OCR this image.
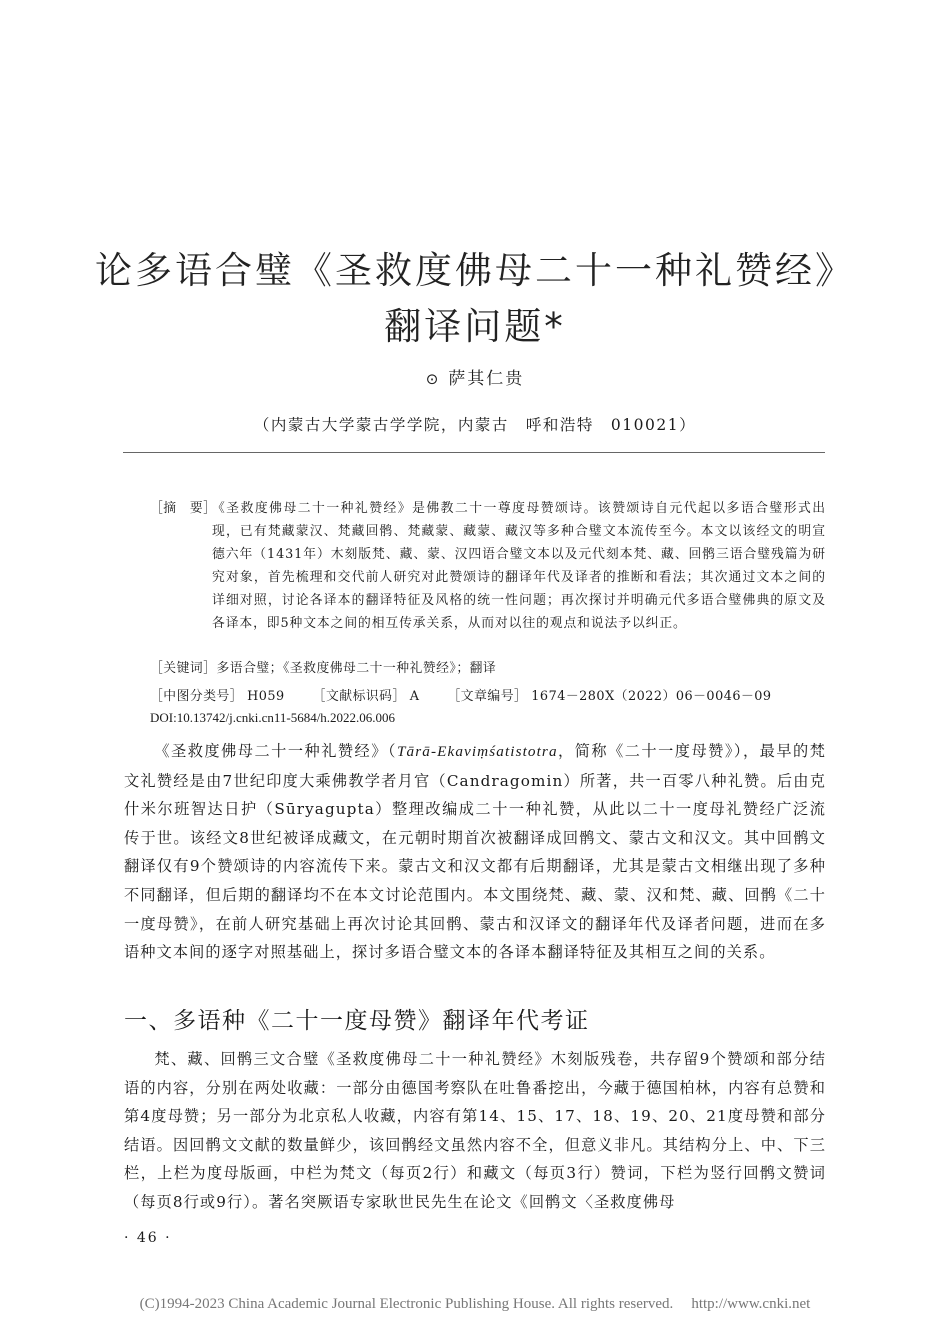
论多语合璧《圣救度佛母二十一种礼赞经》
翻译问题*
⊙ 萨其仁贵
（内蒙古大学蒙古学学院，内蒙古　呼和浩特　010021）
［摘　要］
《圣救度佛母二十一种礼赞经》是佛教二十一尊度母赞颂诗。该赞颂诗自元代起以多语合璧形式出现，已有梵藏蒙汉、梵藏回鹘、梵藏蒙、藏蒙、藏汉等多种合璧文本流传至今。本文以该经文的明宣德六年（1431年）木刻版梵、藏、蒙、汉四语合璧文本以及元代刻本梵、藏、回鹘三语合璧残篇为研究对象，首先梳理和交代前人研究对此赞颂诗的翻译年代及译者的推断和看法；其次通过文本之间的详细对照，讨论各译本的翻译特征及风格的统一性问题；再次探讨并明确元代多语合璧佛典的原文及各译本，即5种文本之间的相互传承关系，从而对以往的观点和说法予以纠正。
［关键词］多语合璧；《圣救度佛母二十一种礼赞经》；翻译
［中图分类号］ H059 ［文献标识码］ A ［文章编号］ 1674－280X（2022）06－0046－09
DOI:10.13742/j.cnki.cn11-5684/h.2022.06.006

《圣救度佛母二十一种礼赞经》（Tārā-Ekaviṃśatistotra，简称《二十一度母赞》），最早的梵文礼赞经是由7世纪印度大乘佛教学者月官（Candragomin）所著，共一百零八种礼赞。后由克什米尔班智达日护（Sūryagupta）整理改编成二十一种礼赞，从此以二十一度母礼赞经广泛流传于世。该经文8世纪被译成藏文，在元朝时期首次被翻译成回鹘文、蒙古文和汉文。其中回鹘文翻译仅有9个赞颂诗的内容流传下来。蒙古文和汉文都有后期翻译，尤其是蒙古文相继出现了多种不同翻译，但后期的翻译均不在本文讨论范围内。本文围绕梵、藏、蒙、汉和梵、藏、回鹘《二十一度母赞》，在前人研究基础上再次讨论其回鹘、蒙古和汉译文的翻译年代及译者问题，进而在多语种文本间的逐字对照基础上，探讨多语合璧文本的各译本翻译特征及其相互之间的关系。

一、多语种《二十一度母赞》翻译年代考证

梵、藏、回鹘三文合璧《圣救度佛母二十一种礼赞经》木刻版残卷，共存留9个赞颂和部分结语的内容，分别在两处收藏：一部分由德国考察队在吐鲁番挖出，今藏于德国柏林，内容有总赞和第4度母赞；另一部分为北京私人收藏，内容有第14、15、17、18、19、20、21度母赞和部分结语。因回鹘文文献的数量鲜少，该回鹘经文虽然内容不全，但意义非凡。其结构分上、中、下三栏，上栏为度母版画，中栏为梵文（每页2行）和藏文（每页3行）赞词，下栏为竖行回鹘文赞词（每页8行或9行）。著名突厥语专家耿世民先生在论文《回鹘文〈圣救度佛母

· 46 ·
(C)1994-2023 China Academic Journal Electronic Publishing House. All rights reserved. http://www.cnki.net
